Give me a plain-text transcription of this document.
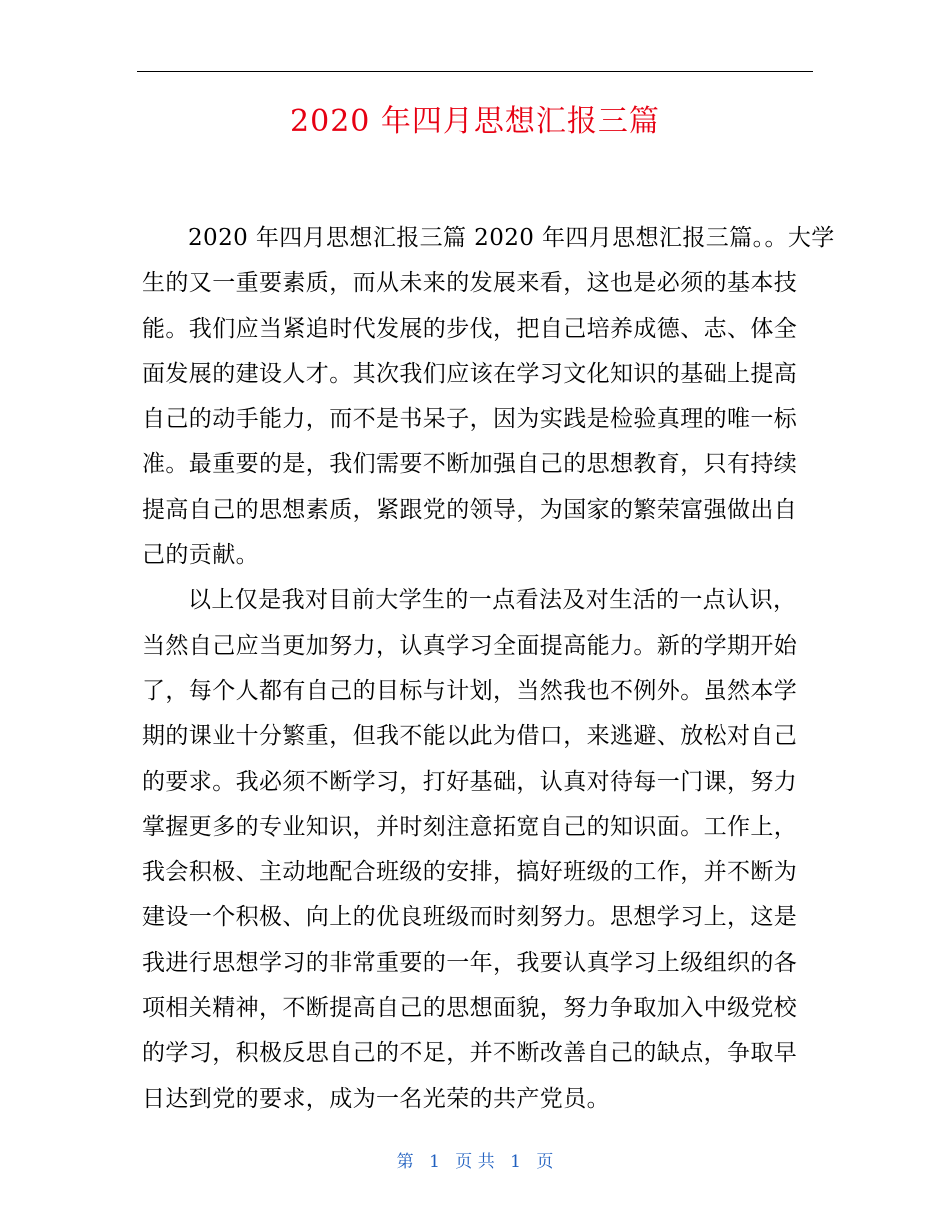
2020 年四月思想汇报三篇
2020 年四月思想汇报三篇 2020 年四月思想汇报三篇。。大学
生的又一重要素质，而从未来的发展来看，这也是必须的基本技
能。我们应当紧追时代发展的步伐，把自己培养成德、志、体全
面发展的建设人才。其次我们应该在学习文化知识的基础上提高
自己的动手能力，而不是书呆子，因为实践是检验真理的唯一标
准。最重要的是，我们需要不断加强自己的思想教育，只有持续
提高自己的思想素质，紧跟党的领导，为国家的繁荣富强做出自
己的贡献。
以上仅是我对目前大学生的一点看法及对生活的一点认识，
当然自己应当更加努力，认真学习全面提高能力。新的学期开始
了，每个人都有自己的目标与计划，当然我也不例外。虽然本学
期的课业十分繁重，但我不能以此为借口，来逃避、放松对自己
的要求。我必须不断学习，打好基础，认真对待每一门课，努力
掌握更多的专业知识，并时刻注意拓宽自己的知识面。工作上，
我会积极、主动地配合班级的安排，搞好班级的工作，并不断为
建设一个积极、向上的优良班级而时刻努力。思想学习上，这是
我进行思想学习的非常重要的一年，我要认真学习上级组织的各
项相关精神，不断提高自己的思想面貌，努力争取加入中级党校
的学习，积极反思自己的不足，并不断改善自己的缺点，争取早
日达到党的要求，成为一名光荣的共产党员。
第 1 页 共 1 页
